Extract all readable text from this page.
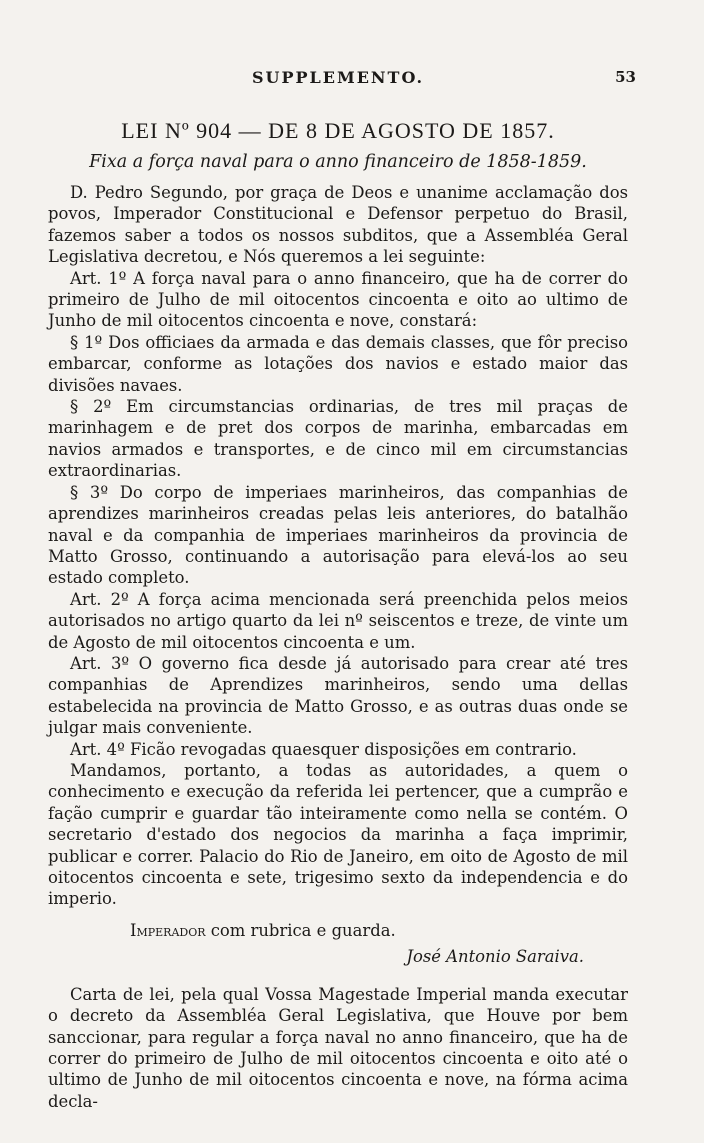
SUPPLEMENTO.	53
LEI Nº 904 — DE 8 DE AGOSTO DE 1857.
Fixa a força naval para o anno financeiro de 1858-1859.

D. Pedro Segundo, por graça de Deos e unanime acclamação dos povos, Imperador Constitucional e Defensor perpetuo do Brasil, fazemos saber a todos os nossos subditos, que a Assembléa Geral Legislativa decretou, e Nós queremos a lei seguinte:

Art. 1º A força naval para o anno financeiro, que ha de correr do primeiro de Julho de mil oitocentos cincoenta e oito ao ultimo de Junho de mil oitocentos cincoenta e nove, constará:

§ 1º Dos officiaes da armada e das demais classes, que fôr preciso embarcar, conforme as lotações dos navios e estado maior das divisões navaes.

§ 2º Em circumstancias ordinarias, de tres mil praças de marinhagem e de pret dos corpos de marinha, embarcadas em navios armados e transportes, e de cinco mil em circumstancias extraordinarias.

§ 3º Do corpo de imperiaes marinheiros, das companhias de aprendizes marinheiros creadas pelas leis anteriores, do batalhão naval e da companhia de imperiaes marinheiros da provincia de Matto Grosso, continuando a autorisação para elevá-los ao seu estado completo.

Art. 2º A força acima mencionada será preenchida pelos meios autorisados no artigo quarto da lei nº seiscentos e treze, de vinte um de Agosto de mil oitocentos cincoenta e um.

Art. 3º O governo fica desde já autorisado para crear até tres companhias de Aprendizes marinheiros, sendo uma dellas estabelecida na provincia de Matto Grosso, e as outras duas onde se julgar mais conveniente.

Art. 4º Ficão revogadas quaesquer disposições em contrario.

Mandamos, portanto, a todas as autoridades, a quem o conhecimento e execução da referida lei pertencer, que a cumprão e fação cumprir e guardar tão inteiramente como nella se contém. O secretario d'estado dos negocios da marinha a faça imprimir, publicar e correr. Palacio do Rio de Janeiro, em oito de Agosto de mil oitocentos cincoenta e sete, trigesimo sexto da independencia e do imperio.

Imperador com rubrica e guarda.
José Antonio Saraiva.

Carta de lei, pela qual Vossa Magestade Imperial manda executar o decreto da Assembléa Geral Legislativa, que Houve por bem sanccionar, para regular a força naval no anno financeiro, que ha de correr do primeiro de Julho de mil oitocentos cincoenta e oito até o ultimo de Junho de mil oitocentos cincoenta e nove, na fórma acima decla-
